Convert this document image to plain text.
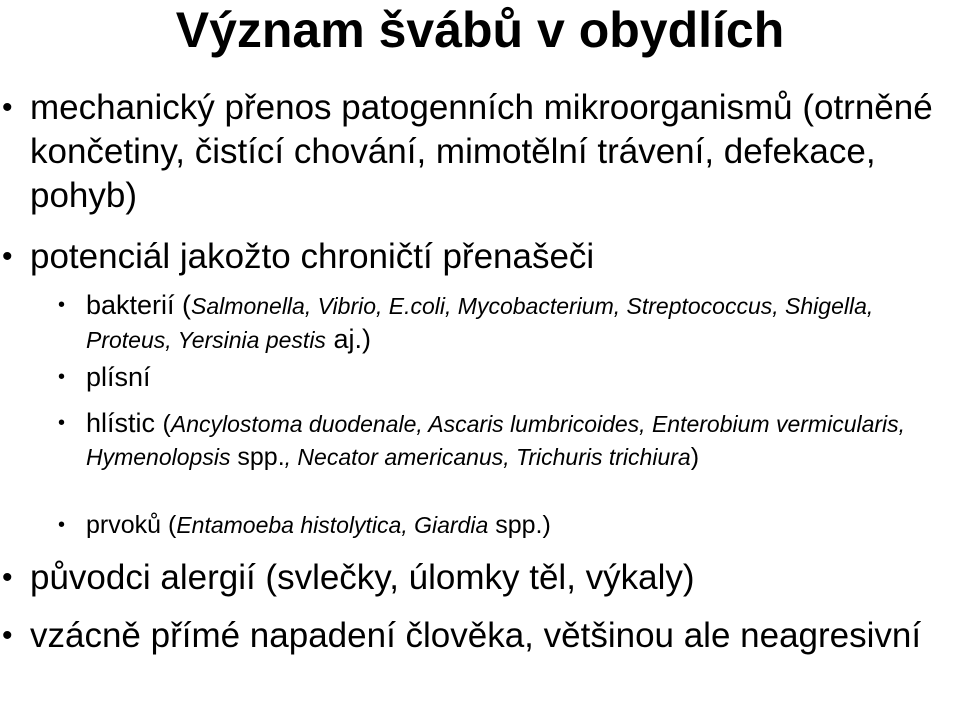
Význam švábů v obydlích
• mechanický přenos patogenních mikroorganismů (otrněné končetiny, čistící chování, mimotělní trávení, defekace, pohyb)
• potenciál jakožto chroničtí přenašeči
• bakterií (Salmonella, Vibrio, E.coli, Mycobacterium, Streptococcus, Shigella, Proteus, Yersinia pestis aj.)
• plísní
• hlístic (Ancylostoma duodenale, Ascaris lumbricoides, Enterobium vermicularis, Hymenolopsis spp., Necator americanus, Trichuris trichiura)
• prvoků (Entamoeba histolytica, Giardia spp.)
• původci alergií (svlečky, úlomky těl, výkaly)
• vzácně přímé napadení člověka, většinou ale neagresivní
